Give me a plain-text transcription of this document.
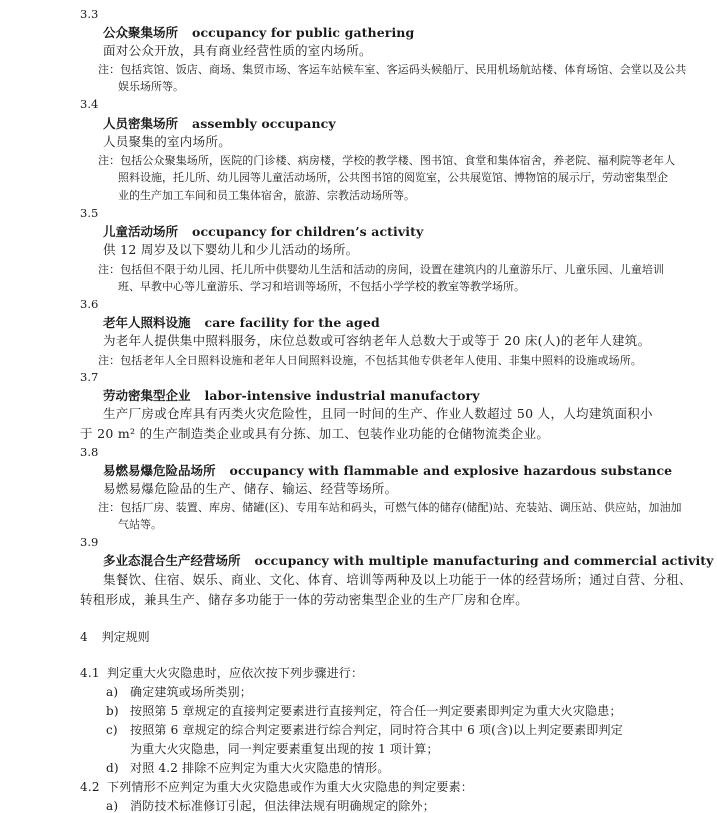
3.3
公众聚集场所 occupancy for public gathering
面对公众开放，具有商业经营性质的室内场所。
注：包括宾馆、饭店、商场、集贸市场、客运车站候车室、客运码头候船厅、民用机场航站楼、体育场馆、会堂以及公共
娱乐场所等。
3.4
人员密集场所 assembly occupancy
人员聚集的室内场所。
注：包括公众聚集场所，医院的门诊楼、病房楼，学校的教学楼、图书馆、食堂和集体宿舍，养老院、福利院等老年人
照料设施，托儿所、幼儿园等儿童活动场所，公共图书馆的阅览室，公共展览馆、博物馆的展示厅，劳动密集型企
业的生产加工车间和员工集体宿舍，旅游、宗教活动场所等。
3.5
儿童活动场所 occupancy for children’s activity
供 12 周岁及以下婴幼儿和少儿活动的场所。
注：包括但不限于幼儿园、托儿所中供婴幼儿生活和活动的房间，设置在建筑内的儿童游乐厅、儿童乐园、儿童培训
班、早教中心等儿童游乐、学习和培训等场所，不包括小学学校的教室等教学场所。
3.6
老年人照料设施 care facility for the aged
为老年人提供集中照料服务，床位总数或可容纳老年人总数大于或等于 20 床(人)的老年人建筑。
注：包括老年人全日照料设施和老年人日间照料设施，不包括其他专供老年人使用、非集中照料的设施或场所。
3.7
劳动密集型企业 labor-intensive industrial manufactory
生产厂房或仓库具有丙类火灾危险性，且同一时间的生产、作业人数超过 50 人，人均建筑面积小
于 20 m² 的生产制造类企业或具有分拣、加工、包装作业功能的仓储物流类企业。
3.8
易燃易爆危险品场所 occupancy with flammable and explosive hazardous substance
易燃易爆危险品的生产、储存、输运、经营等场所。
注：包括厂房、装置、库房、储罐(区)、专用车站和码头，可燃气体的储存(储配)站、充装站、调压站、供应站，加油加
气站等。
3.9
多业态混合生产经营场所 occupancy with multiple manufacturing and commercial activity
集餐饮、住宿、娱乐、商业、文化、体育、培训等两种及以上功能于一体的经营场所；通过自营、分租、
转租形成，兼具生产、储存多功能于一体的劳动密集型企业的生产厂房和仓库。
4 判定规则
4.1 判定重大火灾隐患时，应依次按下列步骤进行：
a) 确定建筑或场所类别；
b) 按照第 5 章规定的直接判定要素进行直接判定，符合任一判定要素即判定为重大火灾隐患；
c) 按照第 6 章规定的综合判定要素进行综合判定，同时符合其中 6 项(含)以上判定要素即判定
为重大火灾隐患，同一判定要素重复出现的按 1 项计算；
d) 对照 4.2 排除不应判定为重大火灾隐患的情形。
4.2 下列情形不应判定为重大火灾隐患或作为重大火灾隐患的判定要素：
a) 消防技术标准修订引起，但法律法规有明确规定的除外；
